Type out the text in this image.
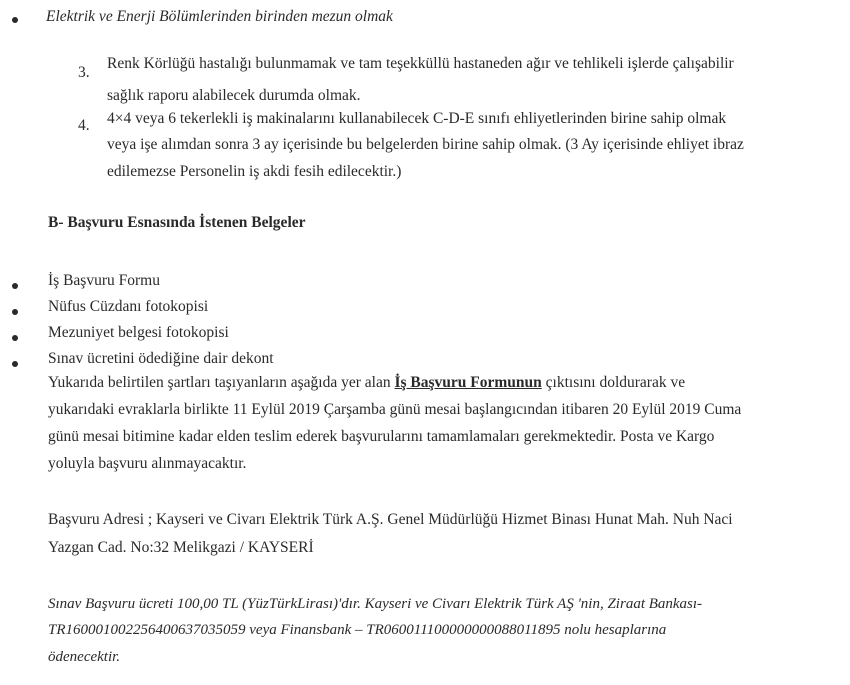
Elektrik ve Enerji Bölümlerinden birinden mezun olmak
3.
Renk Körlüğü hastalığı bulunmamak ve tam teşekküllü hastaneden ağır ve tehlikeli işlerde çalışabilir
sağlık raporu alabilecek durumda olmak.
4. 4×4 veya 6 tekerlekli iş makinalarını kullanabilecek C-D-E sınıfı ehliyetlerinden birine sahip olmak
veya işe alımdan sonra 3 ay içerisinde bu belgelerden birine sahip olmak. (3 Ay içerisinde ehliyet ibraz
edilemezse Personelin iş akdi fesih edilecektir.)
B- Başvuru Esnasında İstenen Belgeler
İş Başvuru Formu
Nüfus Cüzdanı fotokopisi
Mezuniyet belgesi fotokopisi
Sınav ücretini ödediğine dair dekont
Yukarıda belirtilen şartları taşıyanların aşağıda yer alan İş Başvuru Formunun çıktısını doldurarak ve
yukarıdaki evraklarla birlikte 11 Eylül 2019 Çarşamba günü mesai başlangıcından itibaren 20 Eylül 2019 Cuma
günü mesai bitimine kadar elden teslim ederek başvurularını tamamlamaları gerekmektedir. Posta ve Kargo
yoluyla başvuru alınmayacaktır.
Başvuru Adresi ; Kayseri ve Civarı Elektrik Türk A.Ş. Genel Müdürlüğü Hizmet Binası Hunat Mah. Nuh Naci
Yazgan Cad. No:32 Melikgazi / KAYSERİ
Sınav Başvuru ücreti 100,00 TL (YüzTürkLirası)'dır. Kayseri ve Civarı Elektrik Türk AŞ 'nin, Ziraat Bankası-
TR160001002256400637035059 veya Finansbank – TR060011100000000088011895 nolu hesaplarına
ödenecektir.
